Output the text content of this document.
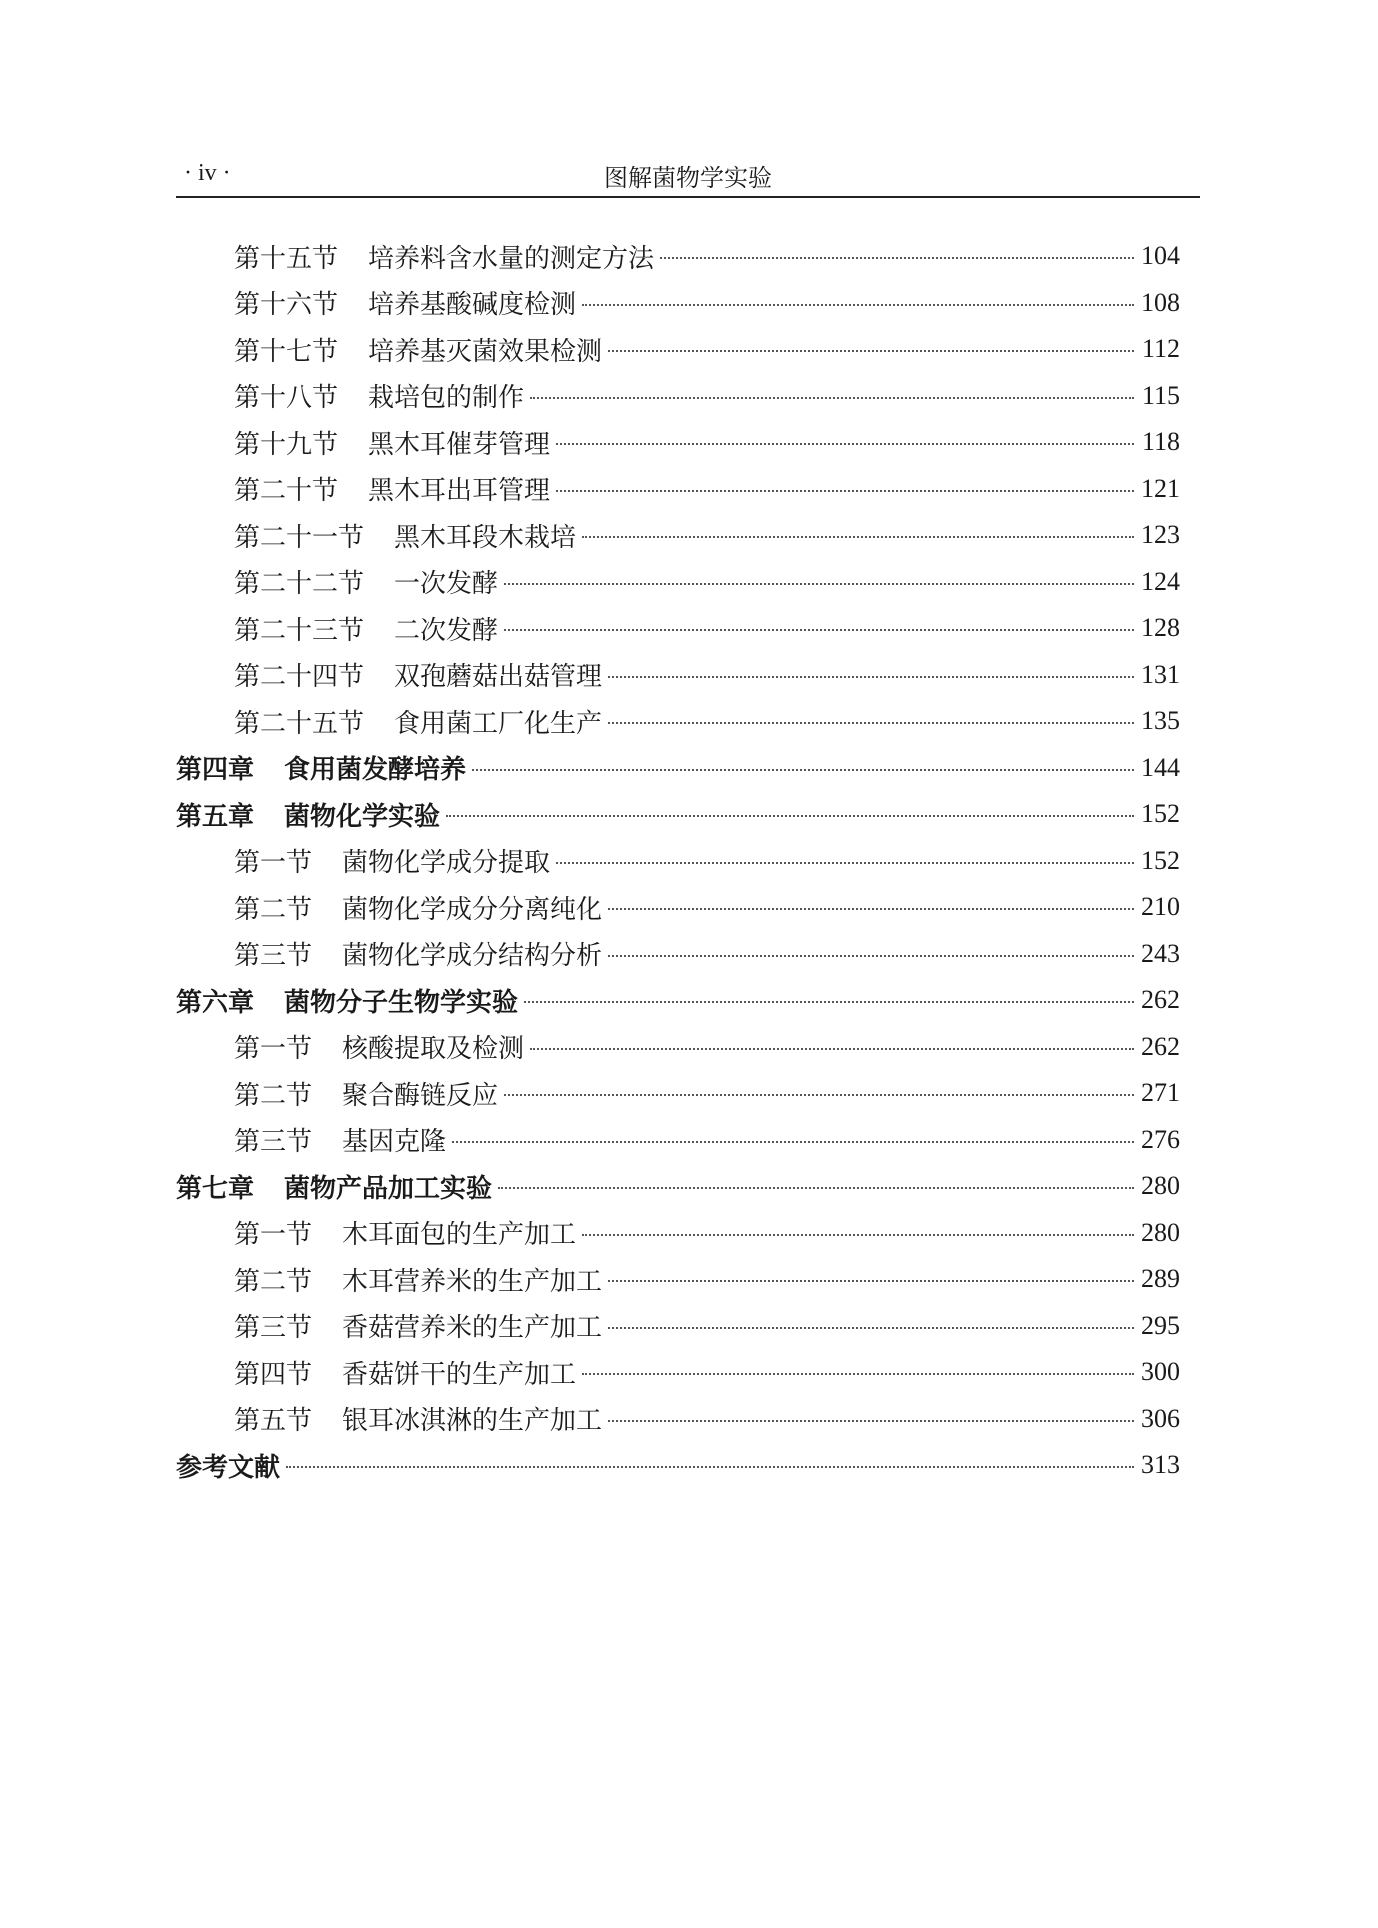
· iv ·	图解菌物学实验
第十五节 培养料含水量的测定方法	104
第十六节 培养基酸碱度检测	108
第十七节 培养基灭菌效果检测	112
第十八节 栽培包的制作	115
第十九节 黑木耳催芽管理	118
第二十节 黑木耳出耳管理	121
第二十一节 黑木耳段木栽培	123
第二十二节 一次发酵	124
第二十三节 二次发酵	128
第二十四节 双孢蘑菇出菇管理	131
第二十五节 食用菌工厂化生产	135
第四章 食用菌发酵培养	144
第五章 菌物化学实验	152
第一节 菌物化学成分提取	152
第二节 菌物化学成分分离纯化	210
第三节 菌物化学成分结构分析	243
第六章 菌物分子生物学实验	262
第一节 核酸提取及检测	262
第二节 聚合酶链反应	271
第三节 基因克隆	276
第七章 菌物产品加工实验	280
第一节 木耳面包的生产加工	280
第二节 木耳营养米的生产加工	289
第三节 香菇营养米的生产加工	295
第四节 香菇饼干的生产加工	300
第五节 银耳冰淇淋的生产加工	306
参考文献	313
